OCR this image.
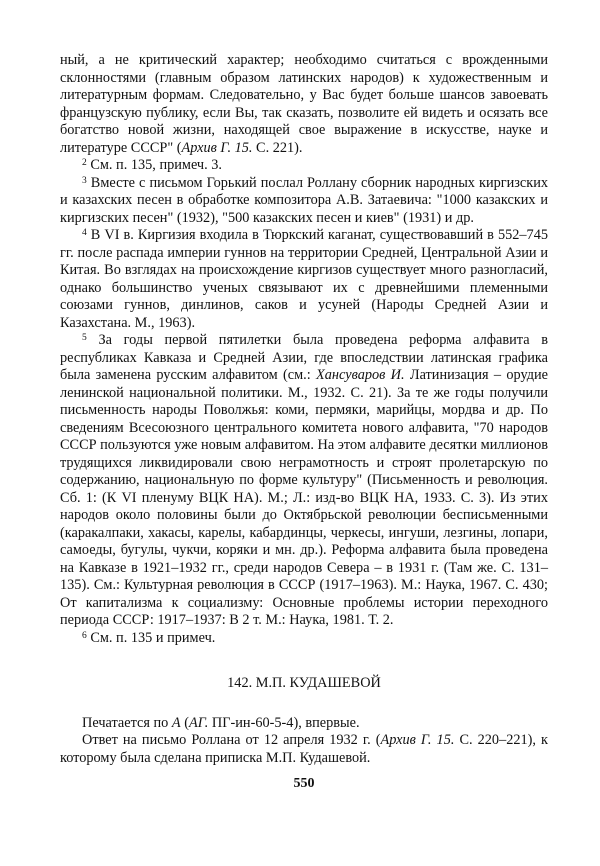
ный, а не критический характер; необходимо считаться с врожденными склонностями (главным образом латинских народов) к художественным и литературным формам. Следовательно, у Вас будет больше шансов завоевать французскую публику, если Вы, так сказать, позволите ей видеть и осязать все богатство новой жизни, находящей свое выражение в искусстве, науке и литературе СССР" (Архив Г. 15. С. 221).

$^2$ См. п. 135, примеч. 3.

$^3$ Вместе с письмом Горький послал Роллану сборник народных киргизских и казахских песен в обработке композитора А.В. Затаевича: "1000 казакских и киргизских песен" (1932), "500 казакских песен и киев" (1931) и др.

$^4$ В VI в. Киргизия входила в Тюркский каганат, существовавший в 552–745 гг. после распада империи гуннов на территории Средней, Центральной Азии и Китая. Во взглядах на происхождение киргизов существует много разногласий, однако большинство ученых связывают их с древнейшими племенными союзами гуннов, динлинов, саков и усуней (Народы Средней Азии и Казахстана. М., 1963).

$^5$ За годы первой пятилетки была проведена реформа алфавита в республиках Кавказа и Средней Азии, где впоследствии латинская графика была заменена русским алфавитом (см.: Хансуваров И. Латинизация – орудие ленинской национальной политики. М., 1932. С. 21). За те же годы получили письменность народы Поволжья: коми, пермяки, марийцы, мордва и др. По сведениям Всесоюзного центрального комитета нового алфавита, "70 народов СССР пользуются уже новым алфавитом. На этом алфавите десятки миллионов трудящихся ликвидировали свою неграмотность и строят пролетарскую по содержанию, национальную по форме культуру" (Письменность и революция. Сб. 1: (К VI пленуму ВЦК НА). М.; Л.: изд-во ВЦК НА, 1933. С. 3). Из этих народов около половины были до Октябрьской революции бесписьменными (каракалпаки, хакасы, карелы, кабардинцы, черкесы, ингуши, лезгины, лопари, самоеды, бугулы, чукчи, коряки и мн. др.). Реформа алфавита была проведена на Кавказе в 1921–1932 гг., среди народов Севера – в 1931 г. (Там же. С. 131–135). См.: Культурная революция в СССР (1917–1963). М.: Наука, 1967. С. 430; От капитализма к социализму: Основные проблемы истории переходного периода СССР: 1917–1937: В 2 т. М.: Наука, 1981. Т. 2.

$^6$ См. п. 135 и примеч.

142. М.П. КУДАШЕВОЙ

Печатается по А (АГ. ПГ-ин-60-5-4), впервые.

Ответ на письмо Роллана от 12 апреля 1932 г. (Архив Г. 15. С. 220–221), к которому была сделана приписка М.П. Кудашевой.

550
